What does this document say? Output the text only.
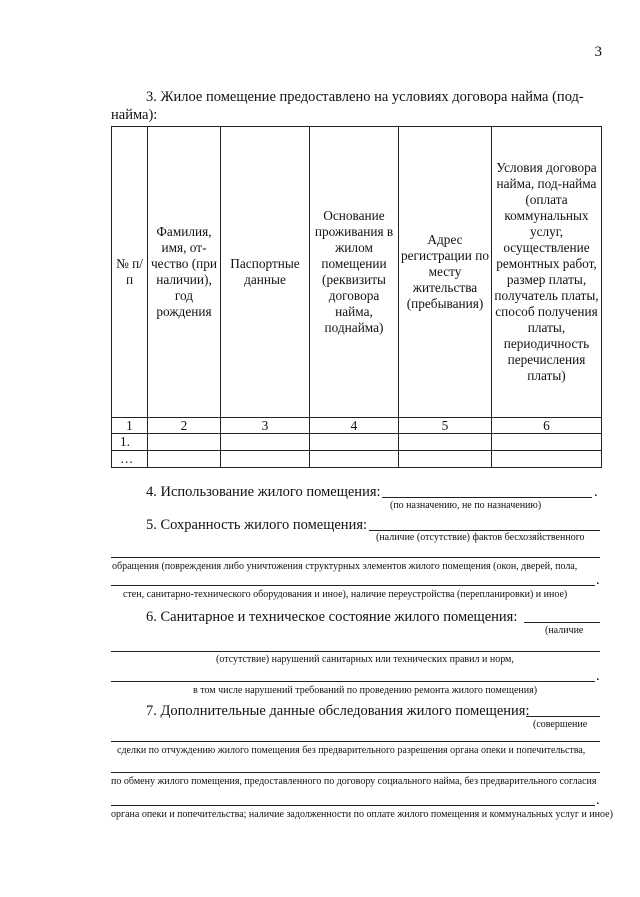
3
3. Жилое помещение предоставлено на условиях договора найма (под-
найма):
№ п/п	Фамилия, имя, от-чество (при наличии), год рождения	Паспортные данные	Основание проживания в жилом помещении (реквизиты договора найма, поднайма)	Адрес регистрации по месту жительства (пребывания)	Условия договора найма, под-найма (оплата коммунальных услуг, осуществление ремонтных работ, размер платы, получатель платы, способ получения платы, периодичность перечисления платы)
1	2	3	4	5	6
1.					
…					
4. Использование жилого помещения:	.
(по назначению, не по назначению)
5. Сохранность жилого помещения:
(наличие (отсутствие) фактов бесхозяйственного
обращения (повреждения либо уничтожения структурных элементов жилого помещения (окон, дверей, пола,
.
стен, санитарно-технического оборудования и иное), наличие переустройства (перепланировки) и иное)
6. Санитарное и техническое состояние жилого помещения:
(наличие
(отсутствие) нарушений санитарных или технических правил и норм,
.
в том числе нарушений требований по проведению ремонта жилого помещения)
7. Дополнительные данные обследования жилого помещения:
(совершение
сделки по отчуждению жилого помещения без предварительного разрешения органа опеки и попечительства,
по обмену жилого помещения, предоставленного по договору социального найма, без предварительного согласия
.
органа опеки и попечительства; наличие задолженности по оплате жилого помещения и коммунальных услуг и иное)
